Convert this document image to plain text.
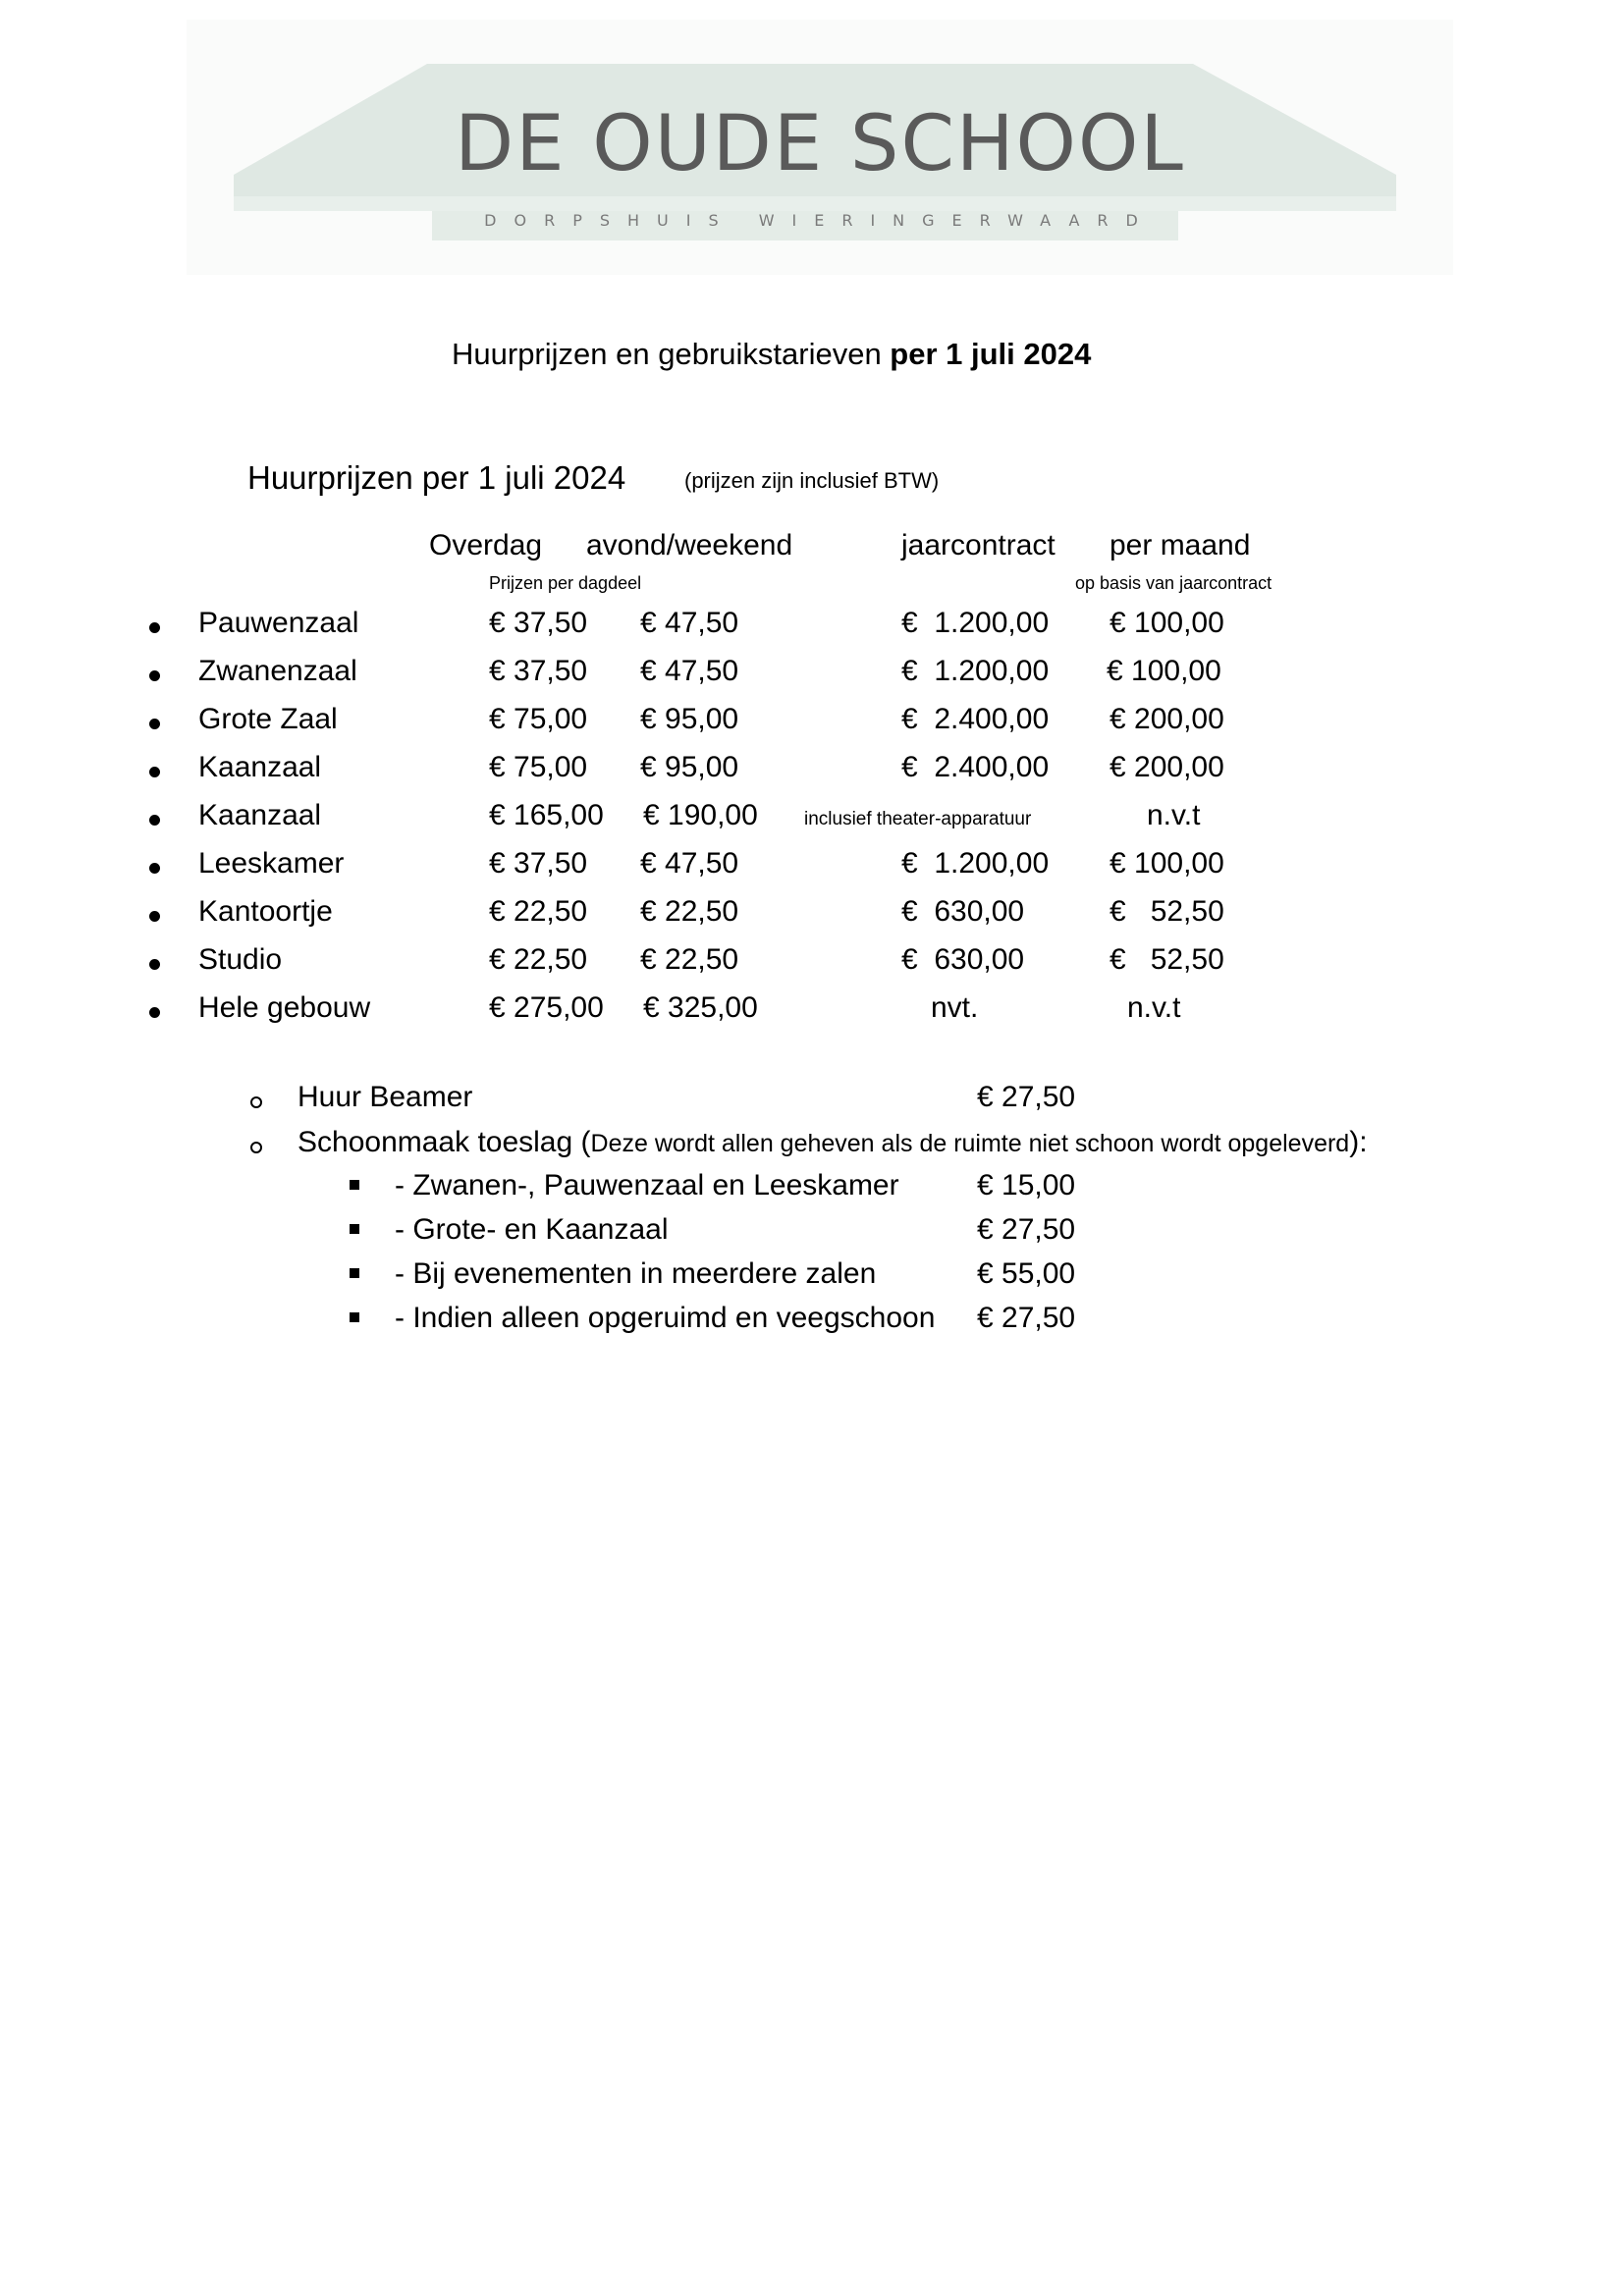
DE OUDE SCHOOL
DORPSHUIS WIERINGERWAARD
Huurprijzen en gebruikstarieven per 1 juli 2024
Huurprijzen per 1 juli 2024	(prijzen zijn inclusief BTW)
Overdag avond/weekend	jaarcontract per maand
Prijzen per dagdeel	op basis van jaarcontract
Pauwenzaal	€ 37,50 € 47,50	€  1.200,00 € 100,00
Zwanenzaal	€ 37,50 € 47,50	€  1.200,00 € 100,00
Grote Zaal	€ 75,00 € 95,00	€  2.400,00 € 200,00
Kaanzaal	€ 75,00 € 95,00	€  2.400,00 € 200,00
Kaanzaal	€ 165,00 € 190,00 inclusief theater-apparatuur	n.v.t
Leeskamer	€ 37,50 € 47,50	€  1.200,00 € 100,00
Kantoortje	€ 22,50 € 22,50	€  630,00	€   52,50
Studio	€ 22,50 € 22,50	€  630,00	€   52,50
Hele gebouw	€ 275,00 € 325,00	nvt.	n.v.t
Huur Beamer	€ 27,50
Schoonmaak toeslag (Deze wordt allen geheven als de ruimte niet schoon wordt opgeleverd):
- Zwanen-, Pauwenzaal en Leeskamer	€ 15,00
- Grote- en Kaanzaal	€ 27,50
- Bij evenementen in meerdere zalen	€ 55,00
- Indien alleen opgeruimd en veegschoon € 27,50
